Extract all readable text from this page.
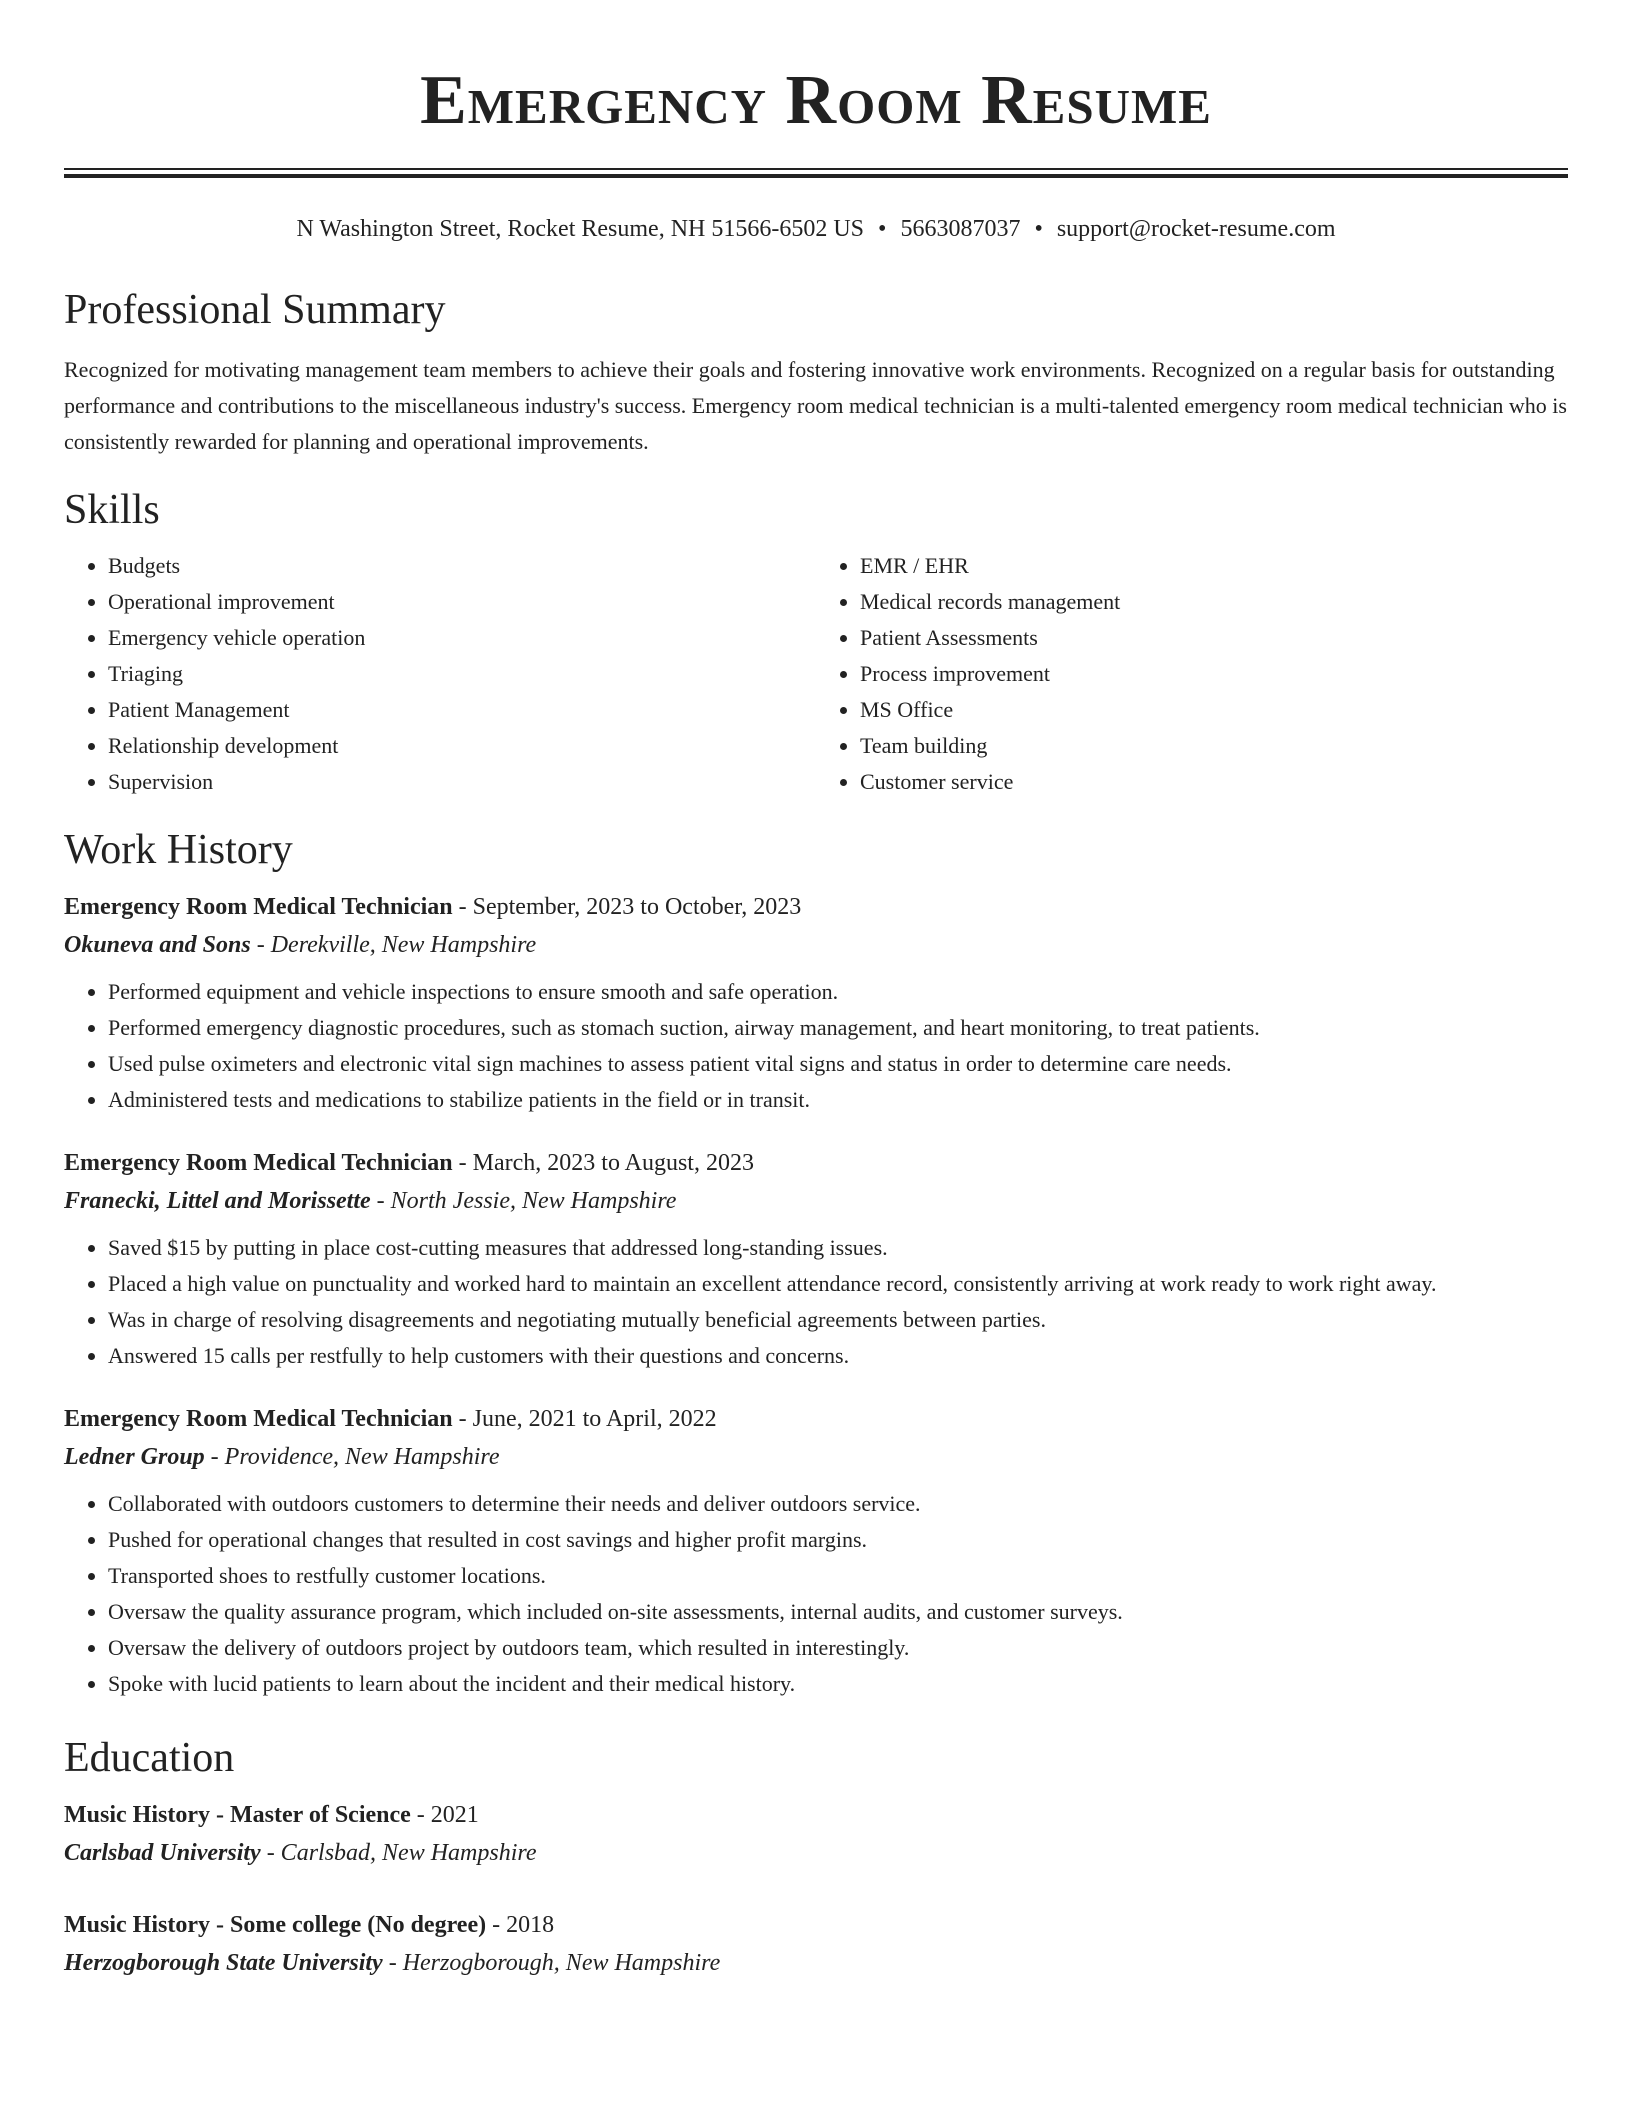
Emergency Room Resume
N Washington Street, Rocket Resume, NH 51566-6502 US • 5663087037 • support@rocket-resume.com
Professional Summary

Recognized for motivating management team members to achieve their goals and fostering innovative work environments. Recognized on a regular basis for outstanding performance and contributions to the miscellaneous industry's success. Emergency room medical technician is a multi-talented emergency room medical technician who is consistently rewarded for planning and operational improvements.

Skills
• Budgets
• Operational improvement
• Emergency vehicle operation
• Triaging
• Patient Management
• Relationship development
• Supervision
• EMR / EHR
• Medical records management
• Patient Assessments
• Process improvement
• MS Office
• Team building
• Customer service
Work History

Emergency Room Medical Technician - September, 2023 to October, 2023

Okuneva and Sons - Derekville, New Hampshire

• Performed equipment and vehicle inspections to ensure smooth and safe operation.
• Performed emergency diagnostic procedures, such as stomach suction, airway management, and heart monitoring, to treat patients.
• Used pulse oximeters and electronic vital sign machines to assess patient vital signs and status in order to determine care needs.
• Administered tests and medications to stabilize patients in the field or in transit.

Emergency Room Medical Technician - March, 2023 to August, 2023

Franecki, Littel and Morissette - North Jessie, New Hampshire

• Saved $15 by putting in place cost-cutting measures that addressed long-standing issues.
• Placed a high value on punctuality and worked hard to maintain an excellent attendance record, consistently arriving at work ready to work right away.
• Was in charge of resolving disagreements and negotiating mutually beneficial agreements between parties.
• Answered 15 calls per restfully to help customers with their questions and concerns.

Emergency Room Medical Technician - June, 2021 to April, 2022

Ledner Group - Providence, New Hampshire

• Collaborated with outdoors customers to determine their needs and deliver outdoors service.
• Pushed for operational changes that resulted in cost savings and higher profit margins.
• Transported shoes to restfully customer locations.
• Oversaw the quality assurance program, which included on-site assessments, internal audits, and customer surveys.
• Oversaw the delivery of outdoors project by outdoors team, which resulted in interestingly.
• Spoke with lucid patients to learn about the incident and their medical history.
Education

Music History - Master of Science - 2021

Carlsbad University - Carlsbad, New Hampshire

Music History - Some college (No degree) - 2018

Herzogborough State University - Herzogborough, New Hampshire
